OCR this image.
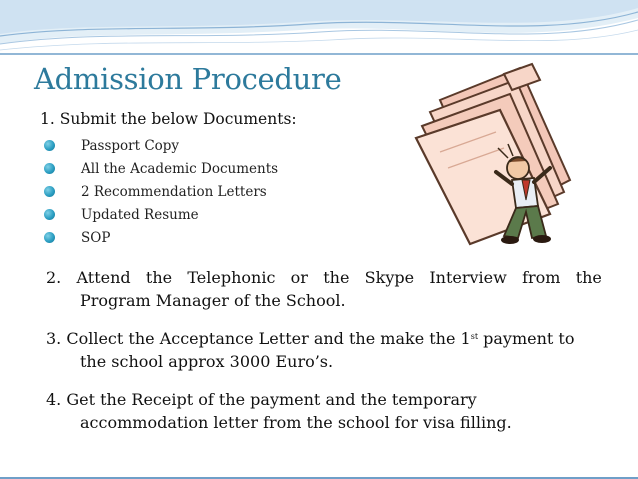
Admission Procedure
1. Submit the below Documents:
Passport Copy
All the Academic Documents
2 Recommendation Letters
Updated Resume
SOP
2. Attend the Telephonic or the Skype Interview from the
Program Manager of the School.
3. Collect the Acceptance Letter and the make the 1st payment to
the school approx 3000 Euro’s.
4. Get the Receipt of the payment and the temporary
accommodation letter from the school for visa filling.
